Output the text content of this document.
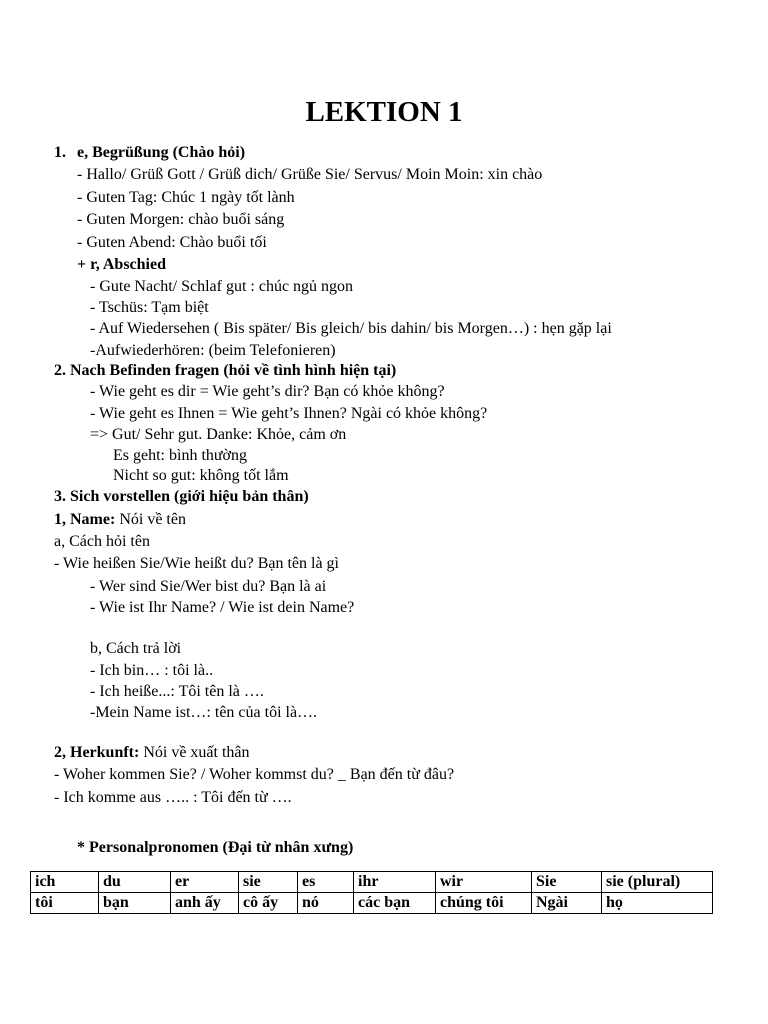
LEKTION 1
1. e, Begrüßung (Chào hỏi)
- Hallo/ Grüß Gott / Grüß dich/ Grüße Sie/ Servus/ Moin Moin: xin chào
- Guten Tag: Chúc 1 ngày tốt lành
- Guten Morgen: chào buổi sáng
- Guten Abend: Chào buổi tối
+ r, Abschied
- Gute Nacht/ Schlaf gut : chúc ngủ ngon
- Tschüs: Tạm biệt
- Auf Wiedersehen ( Bis später/ Bis gleich/ bis dahin/ bis Morgen…) : hẹn gặp lại
-Aufwiederhören: (beim Telefonieren)
2. Nach Befinden fragen (hỏi về tình hình hiện tại)
- Wie geht es dir = Wie geht’s dir? Bạn có khỏe không?
- Wie geht es Ihnen = Wie geht’s Ihnen? Ngài có khỏe không?
=> Gut/ Sehr gut. Danke: Khỏe, cảm ơn
Es geht: bình thường
Nicht so gut: không tốt lắm
3. Sich vorstellen (giới hiệu bản thân)
1, Name: Nói về tên
a, Cách hỏi tên
- Wie heißen Sie/Wie heißt du? Bạn tên là gì
- Wer sind Sie/Wer bist du? Bạn là ai
- Wie ist Ihr Name? / Wie ist dein Name?
b, Cách trả lời
- Ich bin… : tôi là..
- Ich heiße...: Tôi tên là ….
-Mein Name ist…: tên của tôi là….
2, Herkunft: Nói về xuất thân
- Woher kommen Sie? / Woher kommst du? _ Bạn đến từ đâu?
- Ich komme aus ….. : Tôi đến từ ….
* Personalpronomen (Đại từ nhân xưng)
ich	du	er	sie	es	ihr	wir	Sie	sie (plural)
tôi	bạn	anh ấy	cô ấy	nó	các bạn	chúng tôi	Ngài	họ
